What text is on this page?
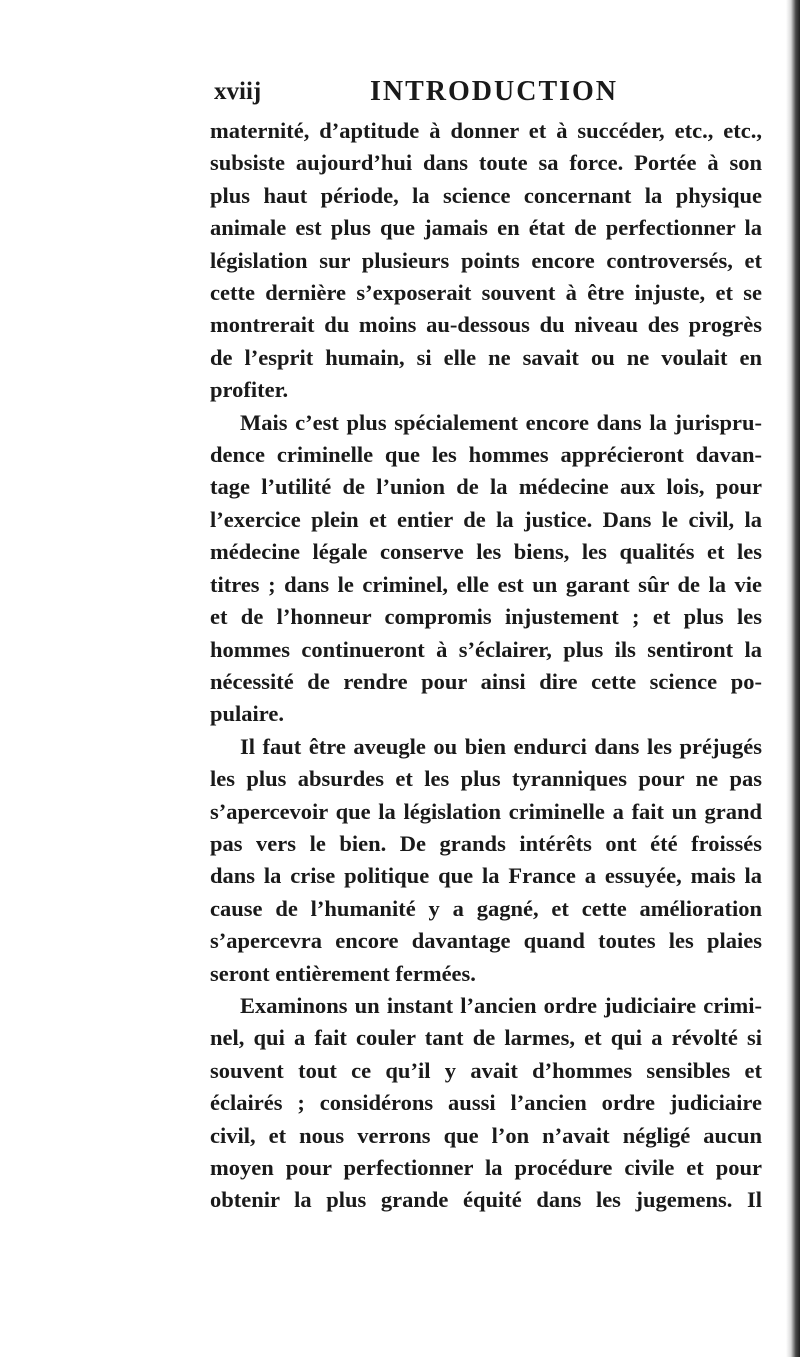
xviij	INTRODUCTION
maternité, d’aptitude à donner et à succéder, etc., etc.,
subsiste aujourd’hui dans toute sa force. Portée à son
plus haut période, la science concernant la physique
animale est plus que jamais en état de perfectionner la
législation sur plusieurs points encore controversés, et
cette dernière s’exposerait souvent à être injuste, et se
montrerait du moins au-dessous du niveau des progrès
de l’esprit humain, si elle ne savait ou ne voulait en
profiter.
Mais c’est plus spécialement encore dans la jurispru-
dence criminelle que les hommes apprécieront davan-
tage l’utilité de l’union de la médecine aux lois, pour
l’exercice plein et entier de la justice. Dans le civil, la
médecine légale conserve les biens, les qualités et les
titres ; dans le criminel, elle est un garant sûr de la vie
et de l’honneur compromis injustement ; et plus les
hommes continueront à s’éclairer, plus ils sentiront la
nécessité de rendre pour ainsi dire cette science po-
pulaire.
Il faut être aveugle ou bien endurci dans les préjugés
les plus absurdes et les plus tyranniques pour ne pas
s’apercevoir que la législation criminelle a fait un grand
pas vers le bien. De grands intérêts ont été froissés
dans la crise politique que la France a essuyée, mais la
cause de l’humanité y a gagné, et cette amélioration
s’apercevra encore davantage quand toutes les plaies
seront entièrement fermées.
Examinons un instant l’ancien ordre judiciaire crimi-
nel, qui a fait couler tant de larmes, et qui a révolté si
souvent tout ce qu’il y avait d’hommes sensibles et
éclairés ; considérons aussi l’ancien ordre judiciaire
civil, et nous verrons que l’on n’avait négligé aucun
moyen pour perfectionner la procédure civile et pour
obtenir la plus grande équité dans les jugemens. Il
